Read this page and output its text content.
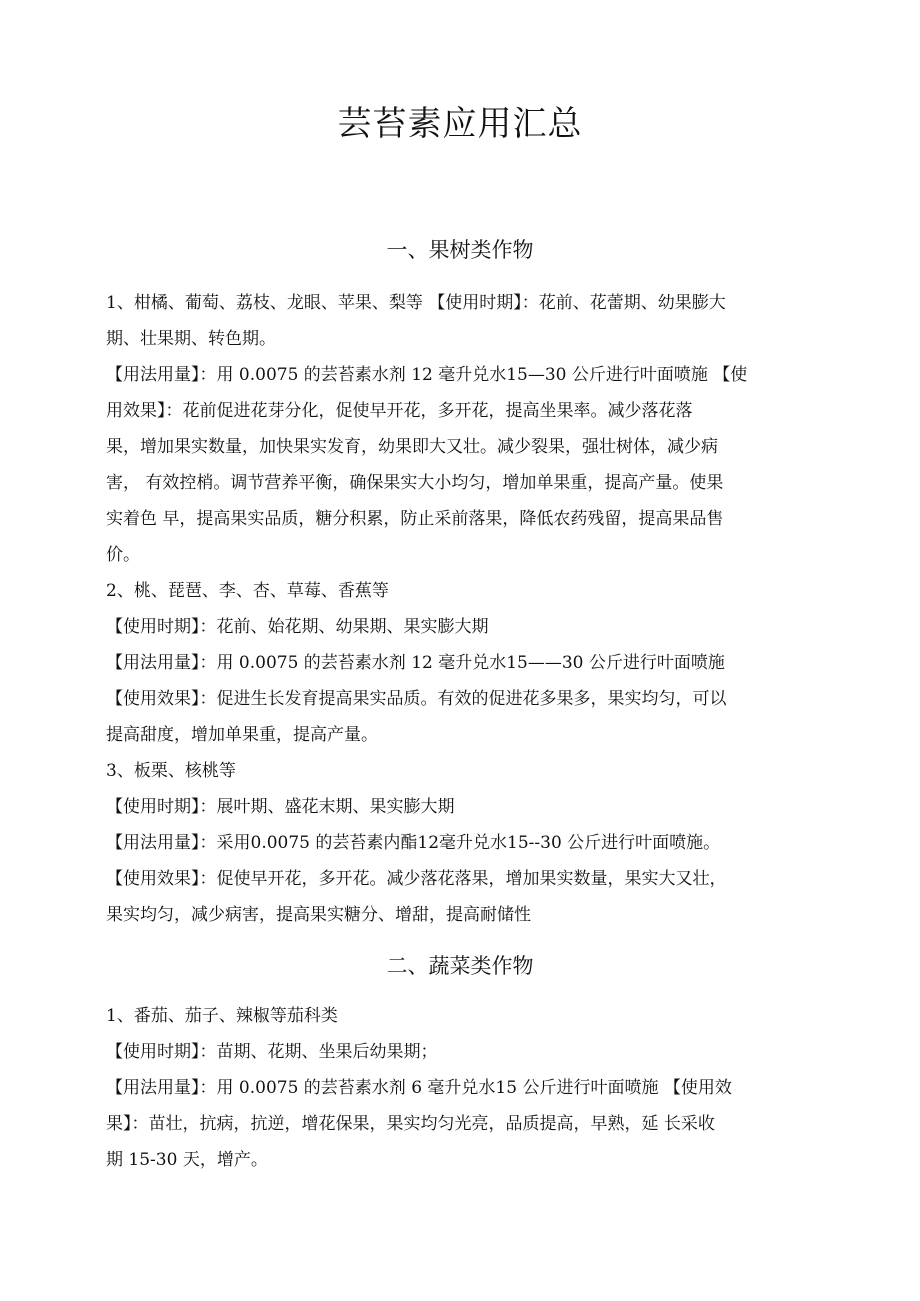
芸苔素应用汇总
一、果树类作物

1、柑橘、葡萄、荔枝、龙眼、苹果、梨等 【使用时期】：花前、花蕾期、幼果膨大

期、壮果期、转色期。

【用法用量】：用 0.0075 的芸苔素水剂 12 毫升兑水15—30 公斤进行叶面喷施 【使

用效果】：花前促进花芽分化，促使早开花，多开花，提高坐果率。减少落花落

果，增加果实数量，加快果实发育，幼果即大又壮。减少裂果，强壮树体，减少病

害， 有效控梢。调节营养平衡，确保果实大小均匀，增加单果重，提高产量。使果

实着色 早，提高果实品质，糖分积累，防止采前落果，降低农药残留，提高果品售

价。

2、桃、琵琶、李、杏、草莓、香蕉等

【使用时期】：花前、始花期、幼果期、果实膨大期

【用法用量】：用 0.0075 的芸苔素水剂 12 毫升兑水15——30 公斤进行叶面喷施

【使用效果】：促进生长发育提高果实品质。有效的促进花多果多，果实均匀，可以

提高甜度，增加单果重，提高产量。

3、板栗、核桃等

【使用时期】：展叶期、盛花末期、果实膨大期

【用法用量】：采用0.0075 的芸苔素内酯12毫升兑水15--30 公斤进行叶面喷施。

【使用效果】：促使早开花，多开花。减少落花落果，增加果实数量，果实大又壮，

果实均匀，减少病害，提高果实糖分、增甜，提高耐储性

二、蔬菜类作物

1、番茄、茄子、辣椒等茄科类

【使用时期】：苗期、花期、坐果后幼果期；

【用法用量】：用 0.0075 的芸苔素水剂 6 毫升兑水15 公斤进行叶面喷施 【使用效

果】：苗壮，抗病，抗逆，增花保果，果实均匀光亮，品质提高，早熟，延 长采收

期 15-30 天，增产。
